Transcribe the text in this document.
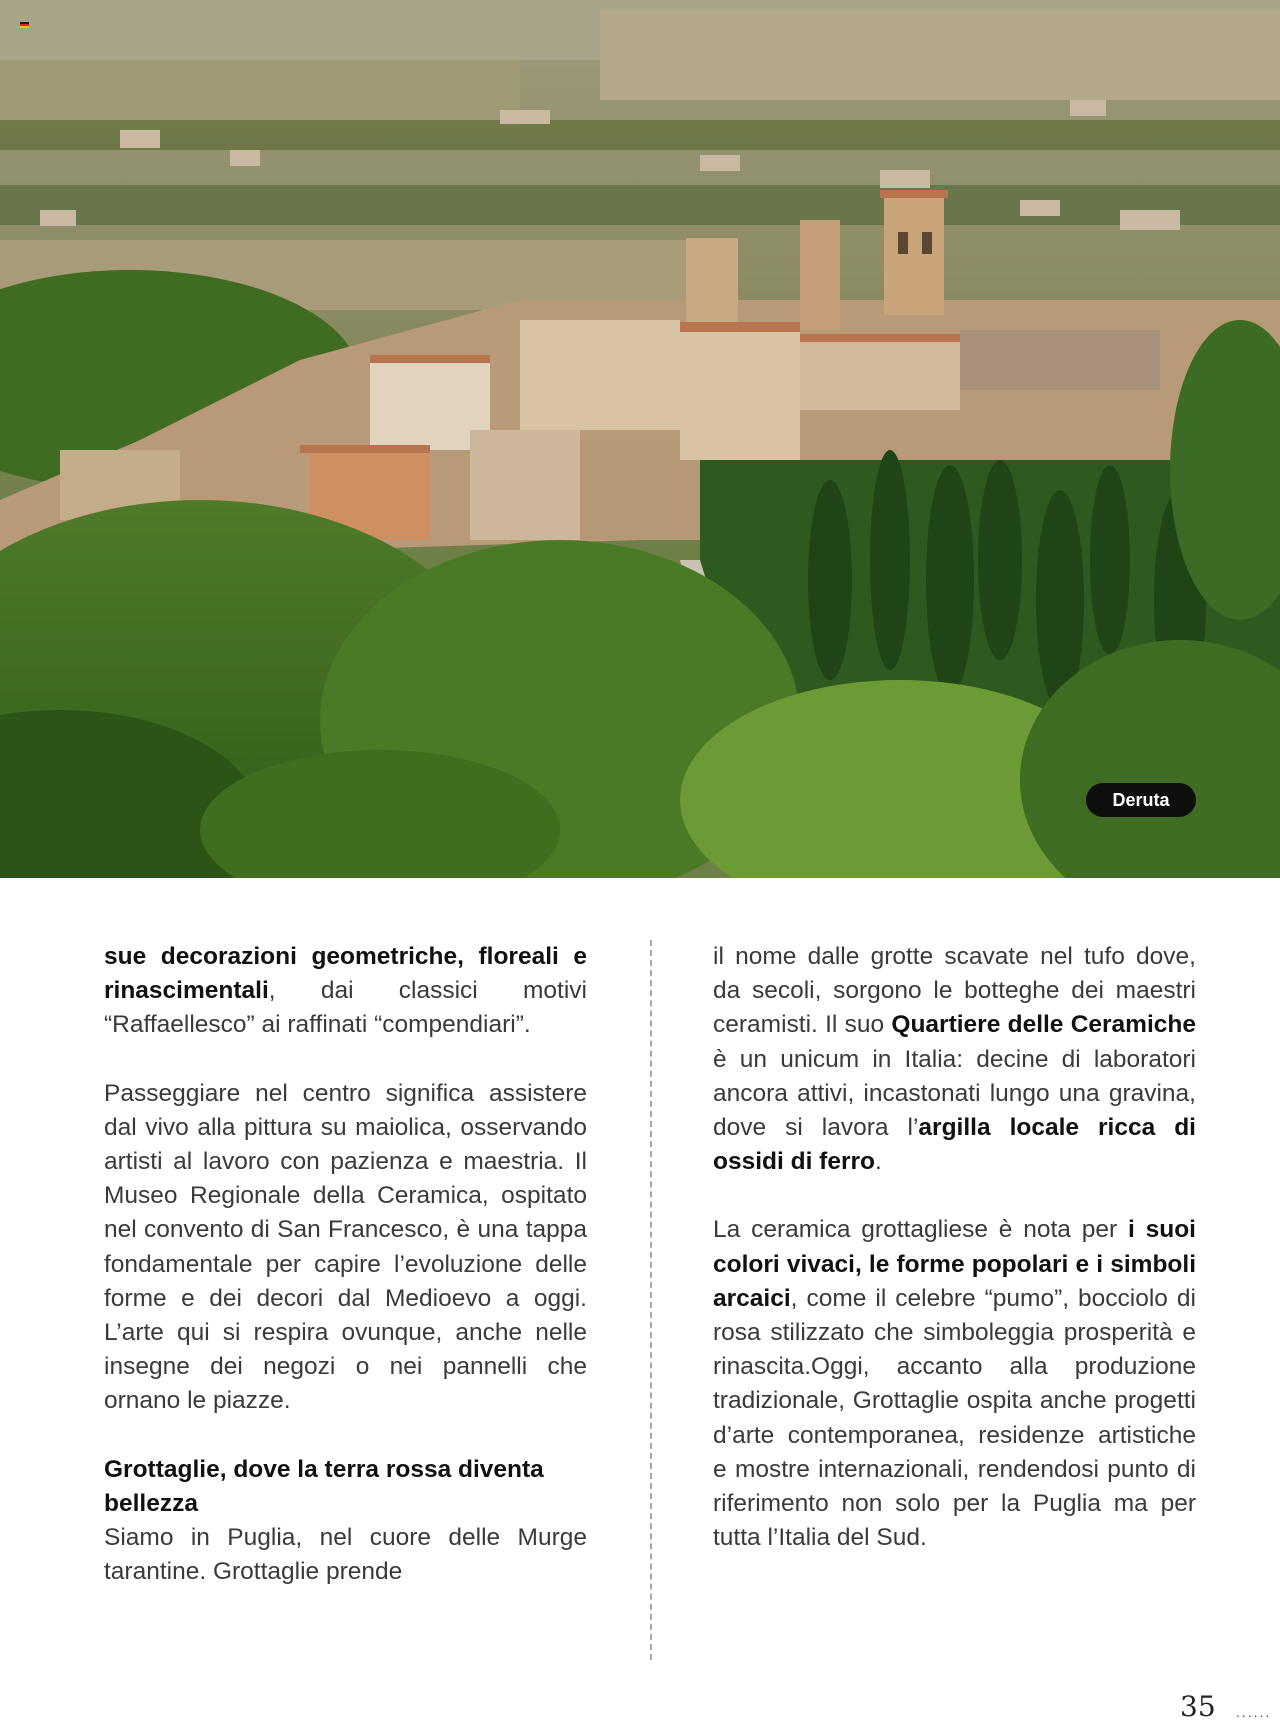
Deruta

sue decorazioni geometriche, floreali e rinascimentali, dai classici motivi “Raffaellesco” ai raffinati “compendiari”.

Passeggiare nel centro significa assistere dal vivo alla pittura su maiolica, osservando artisti al lavoro con pazienza e maestria. Il Museo Regionale della Ceramica, ospitato nel convento di San Francesco, è una tappa fondamentale per capire l’evoluzione delle forme e dei decori dal Medioevo a oggi. L’arte qui si respira ovunque, anche nelle insegne dei negozi o nei pannelli che ornano le piazze.

Grottaglie, dove la terra rossa diventa bellezza

Siamo in Puglia, nel cuore delle Murge tarantine. Grottaglie prende

il nome dalle grotte scavate nel tufo dove, da secoli, sorgono le botteghe dei maestri ceramisti. Il suo Quartiere delle Ceramiche è un unicum in Italia: decine di laboratori ancora attivi, incastonati lungo una gravina, dove si lavora l’argilla locale ricca di ossidi di ferro.

La ceramica grottagliese è nota per i suoi colori vivaci, le forme popolari e i simboli arcaici, come il celebre “pumo”, bocciolo di rosa stilizzato che simboleggia prosperità e rinascita.Oggi, accanto alla produzione tradizionale, Grottaglie ospita anche progetti d’arte contemporanea, residenze artistiche e mostre internazionali, rendendosi punto di riferimento non solo per la Puglia ma per tutta l’Italia del Sud.

35 ......
